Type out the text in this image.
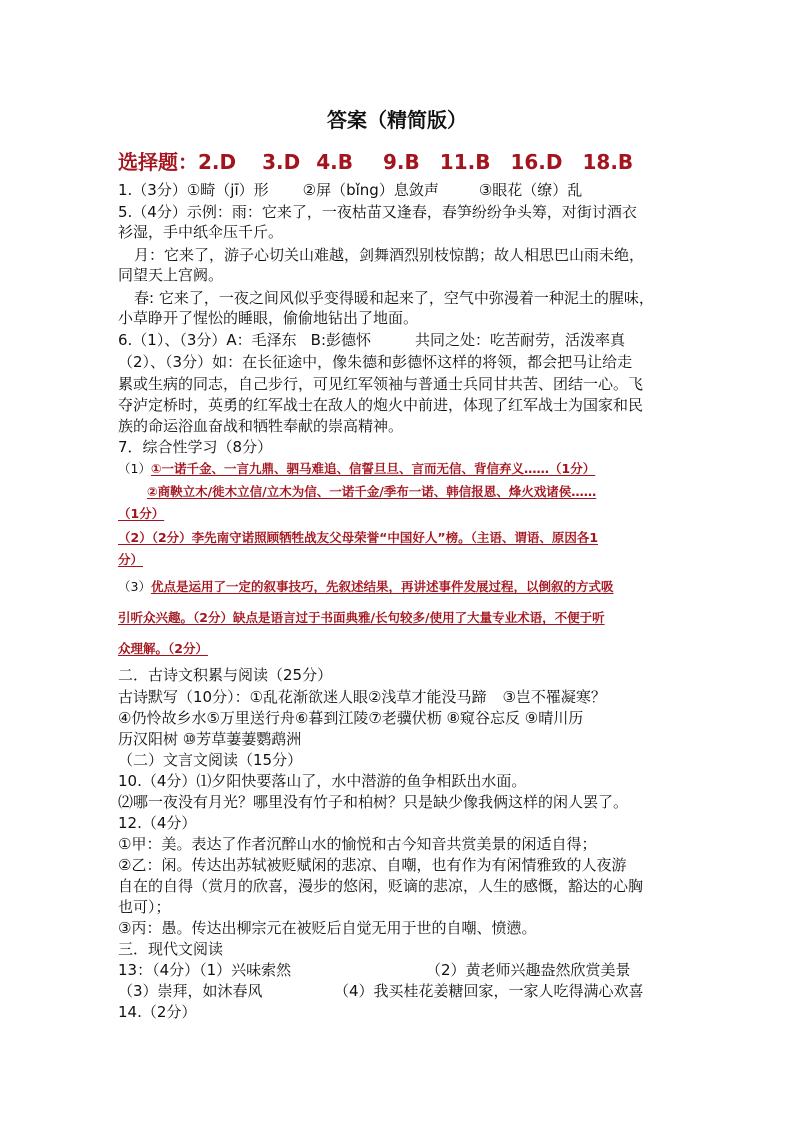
答案（精简版）
选择题：2.D 3.D 4.B 9.B 11.B 16.D 18.B
1.（3分）①畸（jī）形 ②屏（bǐng）息敛声	③眼花（缭）乱
5.（4分）示例：雨：它来了，一夜枯苗又逢春，春笋纷纷争头筹，对街讨酒衣
衫湿，手中纸伞压千斤。
月：它来了，游子心切关山难越，剑舞酒烈别枝惊鹊；故人相思巴山雨未绝，
同望天上宫阙。
春: 它来了，一夜之间风似乎变得暖和起来了，空气中弥漫着一种泥土的腥味，
小草睁开了惺忪的睡眼，偷偷地钻出了地面。
6.（1）、（3分）A：毛泽东 B:彭德怀	共同之处：吃苦耐劳，活泼率真
（2）、（3分）如：在长征途中，像朱德和彭德怀这样的将领，都会把马让给走
累或生病的同志，自己步行，可见红军领袖与普通士兵同甘共苦、团结一心。飞
夺泸定桥时，英勇的红军战士在敌人的炮火中前进，体现了红军战士为国家和民
族的命运浴血奋战和牺牲奉献的崇高精神。
7．综合性学习（8分）
（1）①一诺千金、一言九鼎、驷马难追、信誓旦旦、言而无信、背信弃义……（1分）
②商鞅立木/徙木立信/立木为信、一诺千金/季布一诺、韩信报恩、烽火戏诸侯……
（1分）
（2）（2分）李先南守诺照顾牺牲战友父母荣誉“中国好人”榜。（主语、谓语、原因各1
分）
（3）优点是运用了一定的叙事技巧，先叙述结果，再讲述事件发展过程，以倒叙的方式吸
引听众兴趣。（2分）缺点是语言过于书面典雅/长句较多/使用了大量专业术语，不便于听
众理解。（2分）
二．古诗文积累与阅读（25分）
古诗默写（10分）：①乱花渐欲迷人眼②浅草才能没马蹄 ③岂不罹凝寒？
④仍怜故乡水⑤万里送行舟⑥暮到江陵⑦老骥伏枥 ⑧窥谷忘反 ⑨晴川历
历汉阳树 ⑩芳草萋萋鹦鹉洲
（二）文言文阅读（15分）
10.（4分）⑴夕阳快要落山了，水中潜游的鱼争相跃出水面。
⑵哪一夜没有月光？哪里没有竹子和柏树？只是缺少像我俩这样的闲人罢了。
12.（4分）
①甲：美。表达了作者沉醉山水的愉悦和古今知音共赏美景的闲适自得；
②乙：闲。传达出苏轼被贬赋闲的悲凉、自嘲，也有作为有闲情雅致的人夜游
自在的自得（赏月的欣喜，漫步的悠闲，贬谪的悲凉，人生的感慨，豁达的心胸
也可）；
③丙：愚。传达出柳宗元在被贬后自觉无用于世的自嘲、愤懑。
三．现代文阅读
13：（4分）（1）兴味索然	（2）黄老师兴趣盎然欣赏美景
（3）崇拜，如沐春风	（4）我买桂花姜糖回家，一家人吃得满心欢喜
14.（2分）
